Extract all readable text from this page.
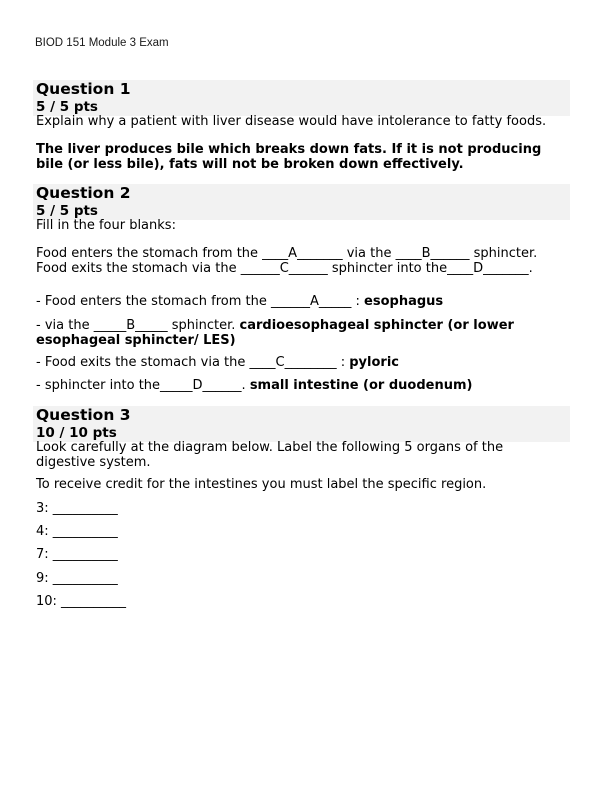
BIOD 151 Module 3 Exam
Question 1
5 / 5 pts
Explain why a patient with liver disease would have intolerance to fatty foods.
The liver produces bile which breaks down fats. If it is not producing bile (or less bile), fats will not be broken down effectively.
Question 2
5 / 5 pts
Fill in the four blanks:
Food enters the stomach from the ____A_______ via the ____B______ sphincter.
Food exits the stomach via the ______C______ sphincter into the____D_______.
- Food enters the stomach from the ______A_____ : esophagus
- via the _____B_____ sphincter. cardioesophageal sphincter (or lower esophageal sphincter/ LES)
- Food exits the stomach via the ____C________ : pyloric
- sphincter into the_____D______. small intestine (or duodenum)
Question 3
10 / 10 pts
Look carefully at the diagram below. Label the following 5 organs of the digestive system.
To receive credit for the intestines you must label the specific region.
3: __________
4: __________
7: __________
9: __________
10: __________
